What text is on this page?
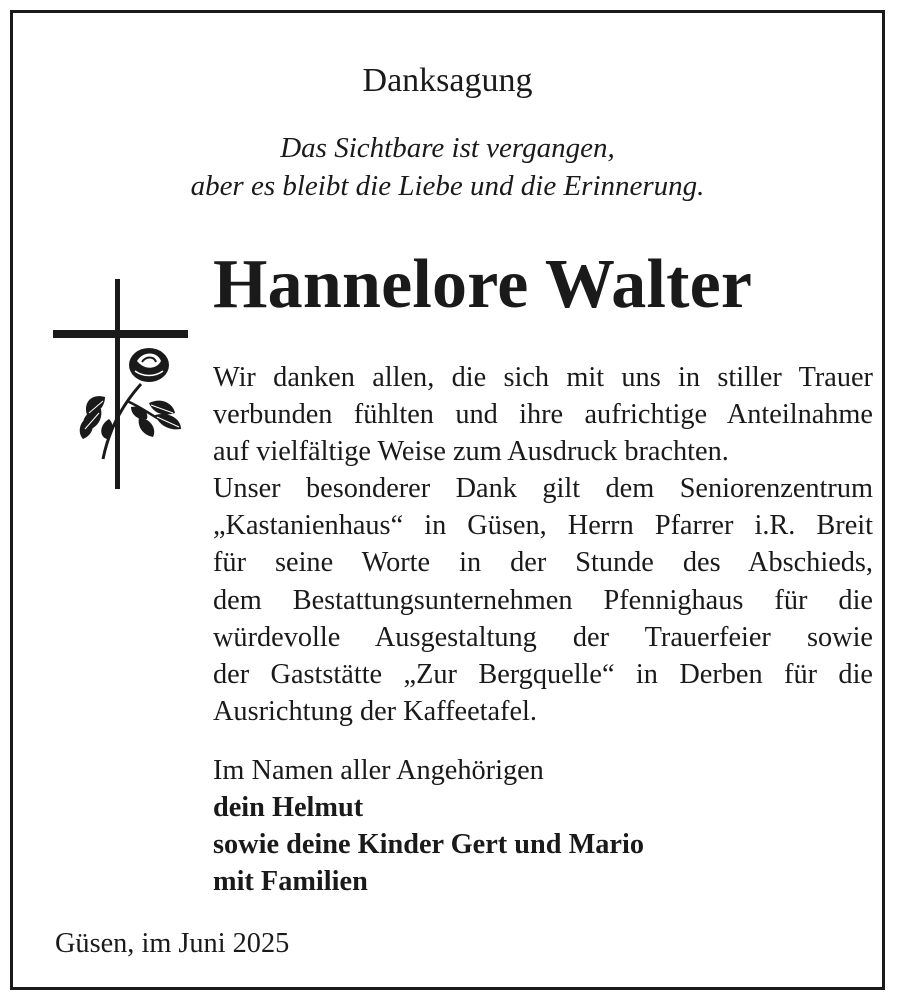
Danksagung
Das Sichtbare ist vergangen,
aber es bleibt die Liebe und die Erinnerung.
Hannelore Walter
Wir danken allen, die sich mit uns in stiller Trauer
verbunden fühlten und ihre aufrichtige Anteilnahme
auf vielfältige Weise zum Ausdruck brachten.
Unser besonderer Dank gilt dem Seniorenzentrum
„Kastanienhaus“ in Güsen, Herrn Pfarrer i.R. Breit
für seine Worte in der Stunde des Abschieds,
dem Bestattungsunternehmen Pfennighaus für die
würdevolle Ausgestaltung der Trauerfeier sowie
der Gaststätte „Zur Bergquelle“ in Derben für die
Ausrichtung der Kaffeetafel.
Im Namen aller Angehörigen
dein Helmut
sowie deine Kinder Gert und Mario
mit Familien
Güsen, im Juni 2025
